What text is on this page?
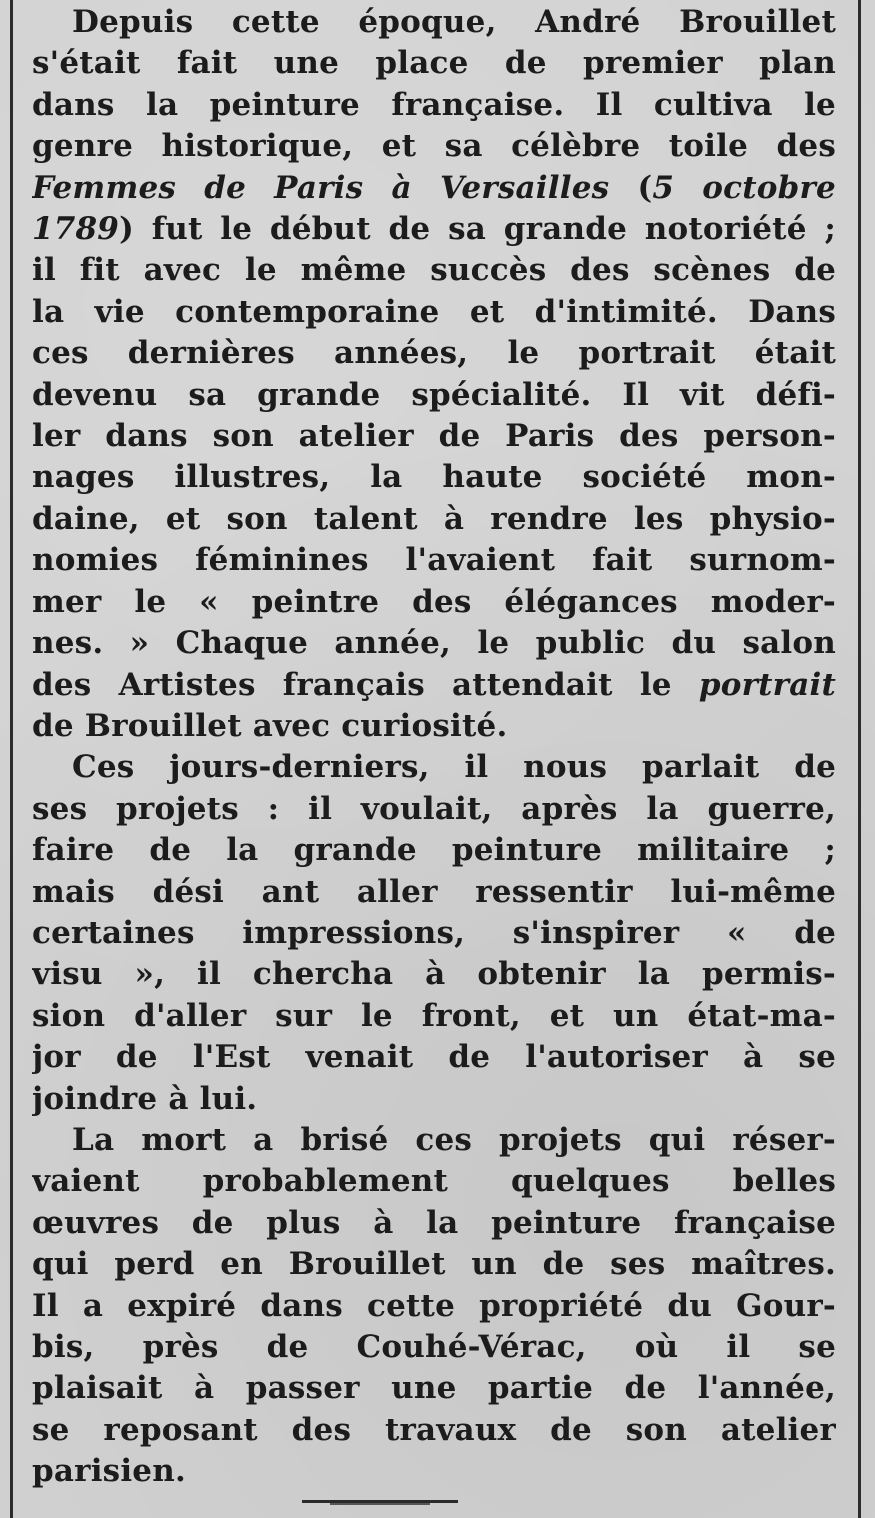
Depuis cette époque, André Brouillet
s'était fait une place de premier plan
dans la peinture française. Il cultiva le
genre historique, et sa célèbre toile des
Femmes de Paris à Versailles (5 octobre
1789) fut le début de sa grande notoriété ;
il fit avec le même succès des scènes de
la vie contemporaine et d'intimité. Dans
ces dernières années, le portrait était
devenu sa grande spécialité. Il vit défi-
ler dans son atelier de Paris des person-
nages illustres, la haute société mon-
daine, et son talent à rendre les physio-
nomies féminines l'avaient fait surnom-
mer le « peintre des élégances moder-
nes. » Chaque année, le public du salon
des Artistes français attendait le portrait
de Brouillet avec curiosité.
Ces jours-derniers, il nous parlait de
ses projets : il voulait, après la guerre,
faire de la grande peinture militaire ;
mais dési ant aller ressentir lui-même
certaines impressions, s'inspirer « de
visu », il chercha à obtenir la permis-
sion d'aller sur le front, et un état-ma-
jor de l'Est venait de l'autoriser à se
joindre à lui.
La mort a brisé ces projets qui réser-
vaient probablement quelques belles
œuvres de plus à la peinture française
qui perd en Brouillet un de ses maîtres.
Il a expiré dans cette propriété du Gour-
bis, près de Couhé-Vérac, où il se
plaisait à passer une partie de l'année,
se reposant des travaux de son atelier
parisien.
